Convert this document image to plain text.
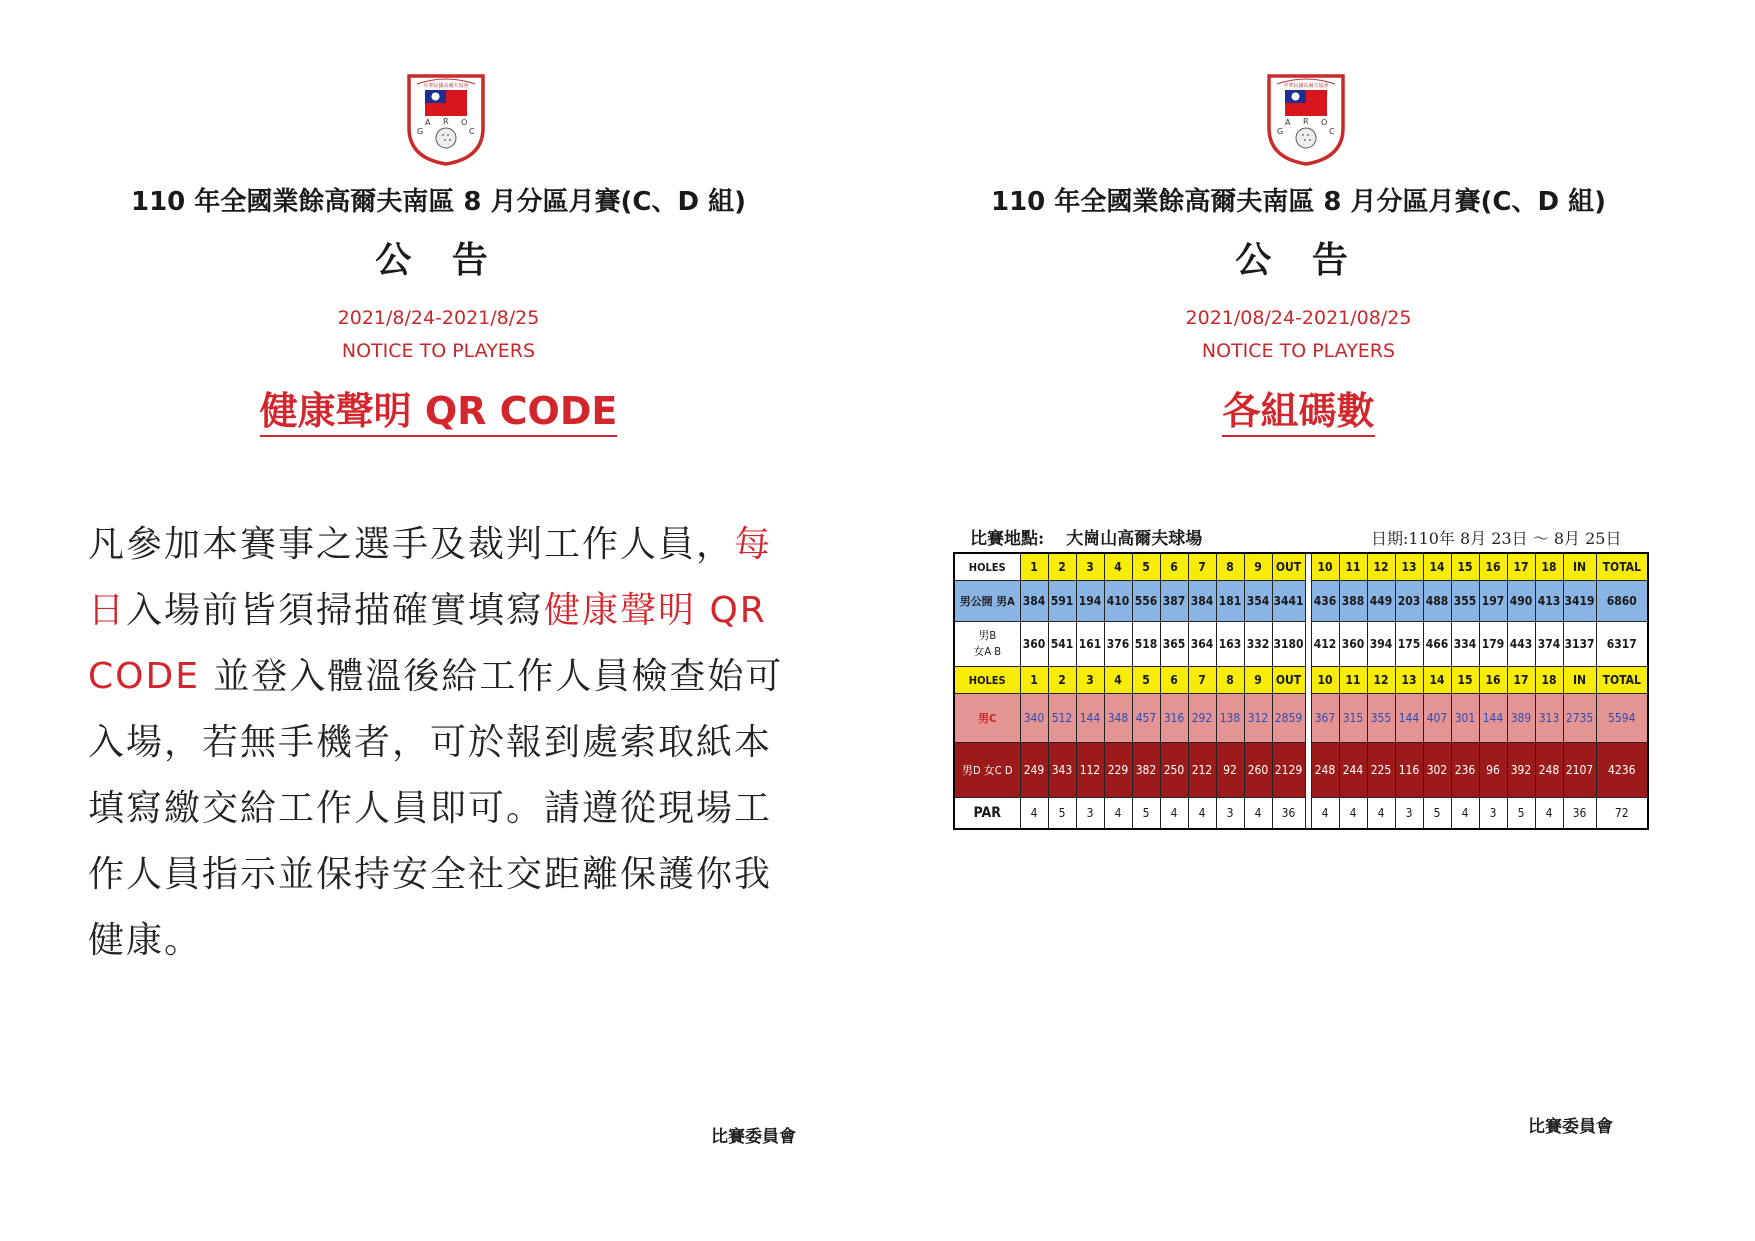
中華民國高爾夫協會
G
A R O
C
110 年全國業餘高爾夫南區 8 月分區月賽(C、D 組)
公 告
2021/8/24-2021/8/25
NOTICE TO PLAYERS
健康聲明 QR CODE
凡參加本賽事之選手及裁判工作人員，每日入場前皆須掃描確實填寫健康聲明 QR CODE 並登入體溫後給工作人員檢查始可入場，若無手機者，可於報到處索取紙本填寫繳交給工作人員即可。請遵從現場工作人員指示並保持安全社交距離保護你我健康。
比賽委員會
中華民國高爾夫協會
G
A R O
C
110 年全國業餘高爾夫南區 8 月分區月賽(C、D 組)
公 告
2021/08/24-2021/08/25
NOTICE TO PLAYERS
各組碼數
比賽地點: 大崗山高爾夫球場	日期:110年 8月 23日 ～ 8月 25日
HOLES	1	2	3	4	5	6	7	8	9	OUT		10	11	12	13	14	15	16	17	18	IN	TOTAL
男公開 男A	384	591	194	410	556	387	384	181	354	3441		436	388	449	203	488	355	197	490	413	3419	6860

男B
女A B	360	541	161	376	518	365	364	163	332	3180		412	360	394	175	466	334	179	443	374	3137	6317
HOLES	1	2	3	4	5	6	7	8	9	OUT		10	11	12	13	14	15	16	17	18	IN	TOTAL
男C	340	512	144	348	457	316	292	138	312	2859		367	315	355	144	407	301	144	389	313	2735	5594
男D 女C D	249	343	112	229	382	250	212	92	260	2129		248	244	225	116	302	236	96	392	248	2107	4236
PAR	4	5	3	4	5	4	4	3	4	36		4	4	4	3	5	4	3	5	4	36	72
比賽委員會
